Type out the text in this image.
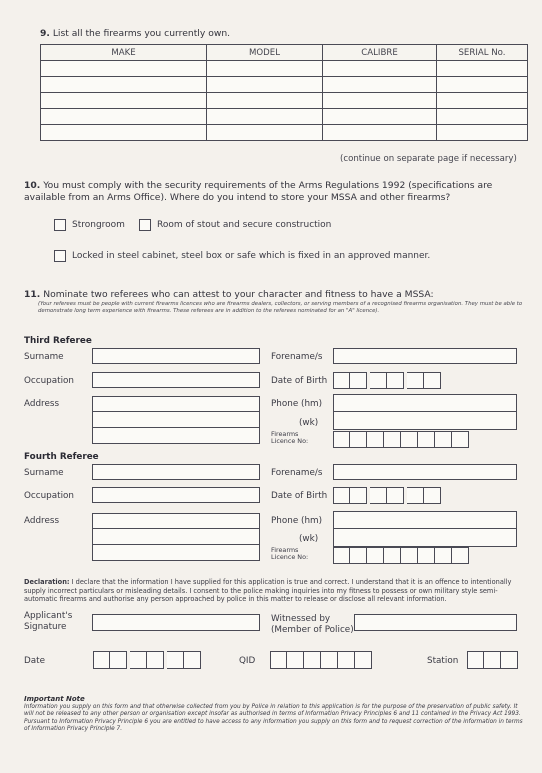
9. List all the firearms you currently own.
MAKE	MODEL	CALIBRE	SERIAL No.

(continue on separate page if necessary)
10. You must comply with the security requirements of the Arms Regulations 1992 (specifications are available from an Arms Office). Where do you intend to store your MSSA and other firearms?
Strongroom	Room of stout and secure construction
Locked in steel cabinet, steel box or safe which is fixed in an approved manner.
11. Nominate two referees who can attest to your character and fitness to have a MSSA:
(Your referees must be people with current firearms licences who are firearms dealers, collectors, or serving members of a recognised firearms organisation. They must be able to demonstrate long term experience with firearms. These referees are in addition to the referees nominated for an "A" licence).
Third Referee
Surname	Forename/s
Occupation	Date of Birth
Address	Phone (hm)
(wk)
Firearms
Licence No:
Fourth Referee
Surname	Forename/s
Occupation	Date of Birth
Address	Phone (hm)
(wk)
Firearms
Licence No:
Declaration: I declare that the information I have supplied for this application is true and correct. I understand that it is an offence to intentionally supply incorrect particulars or misleading details. I consent to the police making inquiries into my fitness to possess or own military style semi-automatic firearms and authorise any person approached by police in this matter to release or disclose all relevant information.
Applicant's
Signature
Witnessed by
(Member of Police)
Date	QID	Station
Important Note
Information you supply on this form and that otherwise collected from you by Police in relation to this application is for the purpose of the preservation of public safety. It will not be released to any other person or organisation except insofar as authorised in terms of Information Privacy Principles 6 and 11 contained in the Privacy Act 1993. Pursuant to Information Privacy Principle 6 you are entitled to have access to any information you supply on this form and to request correction of the information in terms of Information Privacy Principle 7.
